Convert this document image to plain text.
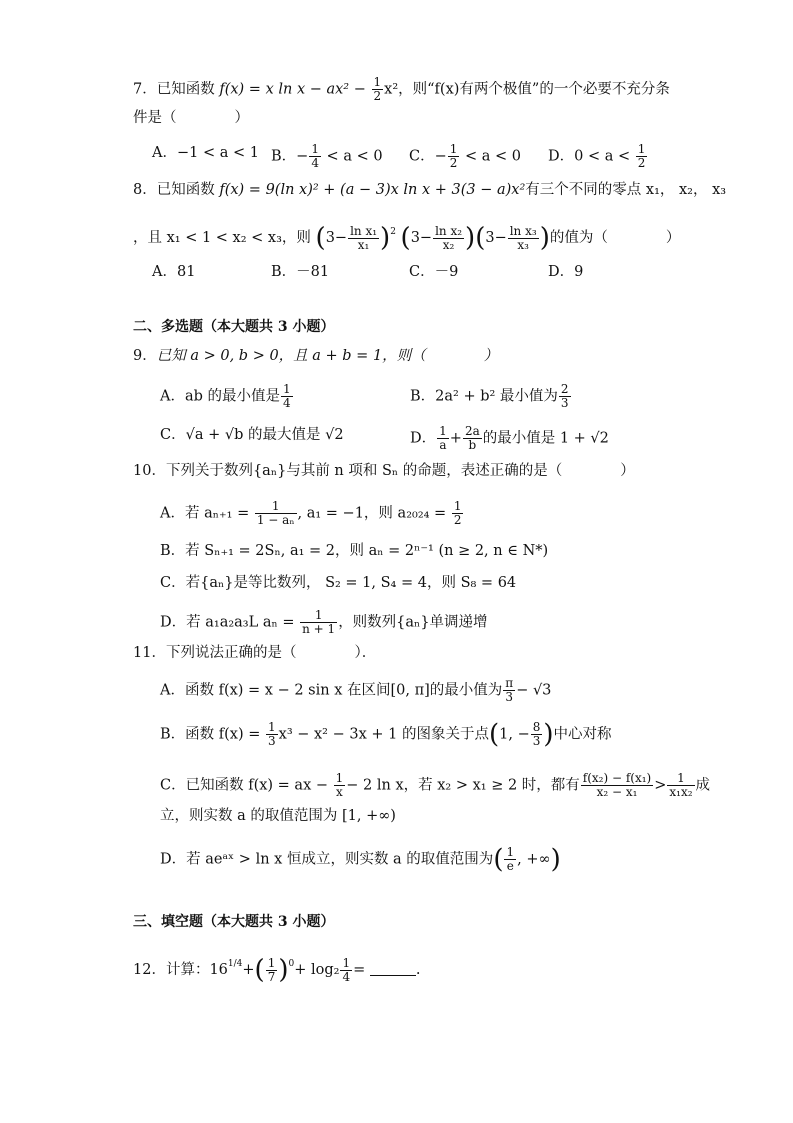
7．已知函数 f(x) = x $\ln x - ax^2 - \frac{1}{2} x^2$，则“f(x)有两个极值”的一个必要不充分条
件是（　　　　）
A．−1 < a < 1 B．− $\frac{1}{4} < a < 0$ C．− $\frac{1}{2} < a < 0$ D．$0 < a < \frac{1}{2}$
8．已知函数 f(x) = 9(ln x)² + (a − 3)x ln x + 3(3 − a)x²有三个不同的零点 x₁， x₂， x₃
，且 x₁ < 1 < x₂ < x₃，则 $(3- \frac{\text{ln x₁}}{\text{x₁}} )^2$ $(3- \frac{\text{ln x₂}}{\text{x₂}} )(3- \frac{\text{ln x₃}}{\text{x₃}}$ )的值为（　　　　）
A．81	B．－81	C．－9	D．9
二、多选题（本大题共 3 小题）
9．已知 a > 0, b > 0，且 a + b = 1，则（　　　　）
A．ab 的最小值是 $\frac{1}{4}$	B．2a² + b² 最小值为 $\frac{2}{3}$
C．√a + √b 的最大值是 √2	D． $\frac{1}{a} + \frac{2a}{b}$ 的最小值是 1 + √2
10．下列关于数列{aₙ}与其前 n 项和 Sₙ 的命题，表述正确的是（　　　　）
A．若 $a_{n+1} = \frac{1}{\text{1 − aₙ}}$ , a₁ = −1，则 $a_{2024} = \frac{1}{2}$
B．若 Sₙ₊₁ = 2Sₙ, a₁ = 2，则 aₙ = 2ⁿ⁻¹ (n ≥ 2, n ∈ N*)
C．若{aₙ}是等比数列， S₂ = 1, S₄ = 4，则 S₈ = 64
D．若 a₁a₂a₃L $a_n = \frac{1}{n + 1}$ ，则数列{aₙ}单调递增
11．下列说法正确的是（　　　　）．
A．函数 f(x) = x − 2 sin x 在区间[0, π]的最小值为 $\frac{\pi}{3} - √3$
B．函数 $f(x) = \frac{1}{3} x^3 - x^2 - 3x + 1$ 的图象关于点(1, − $\frac{8}{3}$ )中心对称
C．已知函数 f(x) = ax − $\frac{1}{x} - 2$ ln x，若 x₂ > x₁ ≥ 2 时，都有 $\frac{\text{f(x₂) − f(x₁)}}{\text{x₂ − x₁}} > \frac{1}{\text{x₁x₂}}$ 成
立，则实数 a 的取值范围为 [1, +∞)
D．若 aeᵃˣ > ln x 恒成立，则实数 a 的取值范围为( $\frac{1}{e}$ , +∞)
三、填空题（本大题共 3 小题）
12．计算：$16^{1/4}+( \frac{1}{7} )^0+ \log_2 \frac{1}{4}$ =	.
